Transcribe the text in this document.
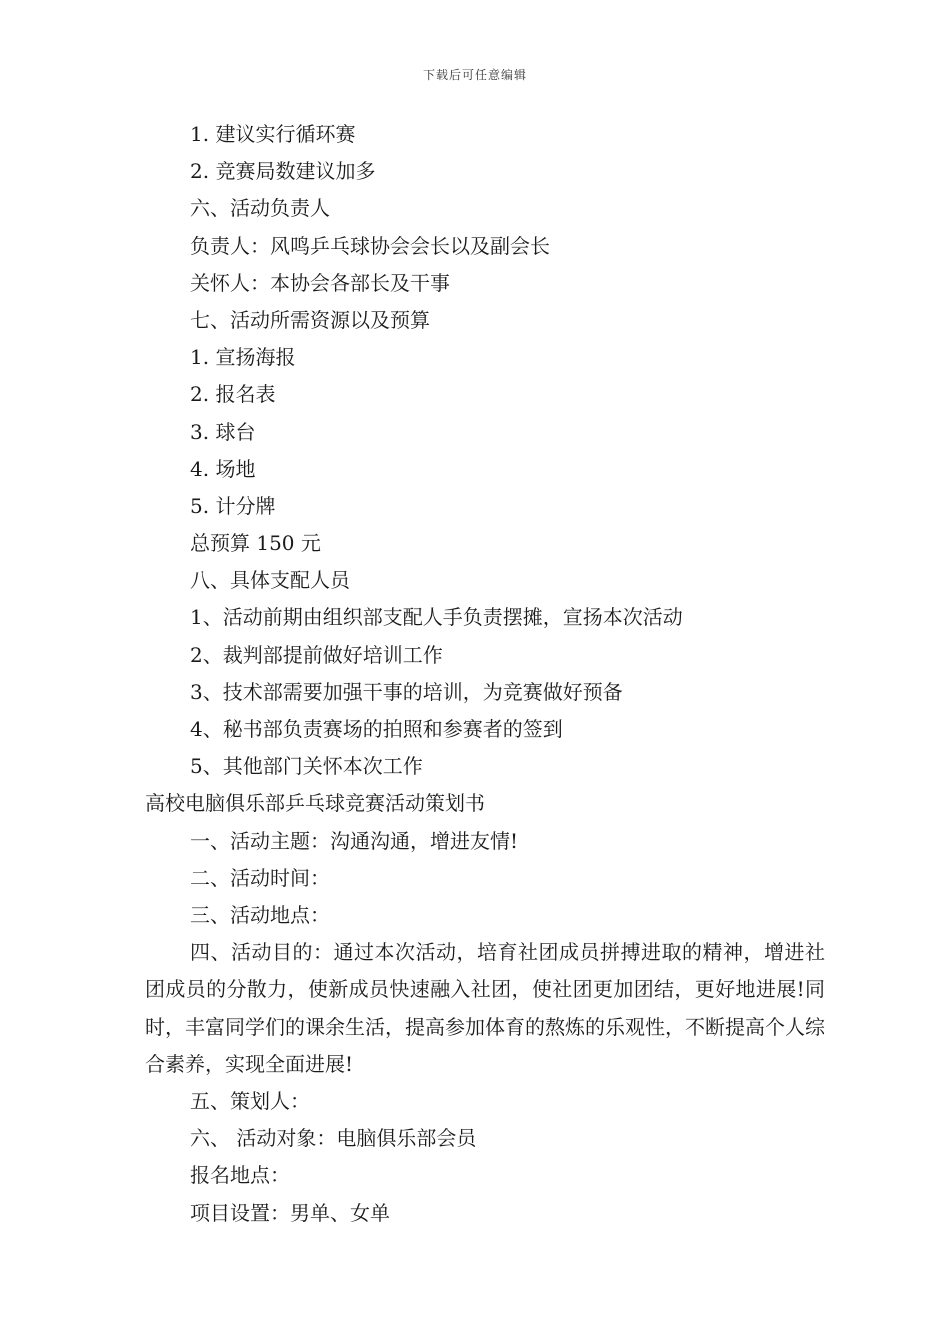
下载后可任意编辑
1. 建议实行循环赛
2. 竞赛局数建议加多
六、活动负责人
负责人：风鸣乒乓球协会会长以及副会长
关怀人：本协会各部长及干事
七、活动所需资源以及预算
1. 宣扬海报
2. 报名表
3. 球台
4. 场地
5. 计分牌
总预算 150 元
八、具体支配人员
1、活动前期由组织部支配人手负责摆摊，宣扬本次活动
2、裁判部提前做好培训工作
3、技术部需要加强干事的培训，为竞赛做好预备
4、秘书部负责赛场的拍照和参赛者的签到
5、其他部门关怀本次工作
高校电脑俱乐部乒乓球竞赛活动策划书
一、活动主题：沟通沟通，增进友情!
二、活动时间：
三、活动地点：

四、活动目的：通过本次活动，培育社团成员拼搏进取的精神，增进社团成员的分散力，使新成员快速融入社团，使社团更加团结，更好地进展!同时，丰富同学们的课余生活，提高参加体育的熬炼的乐观性，不断提高个人综合素养，实现全面进展!

五、策划人：
六、 活动对象：电脑俱乐部会员
报名地点：
项目设置：男单、女单
